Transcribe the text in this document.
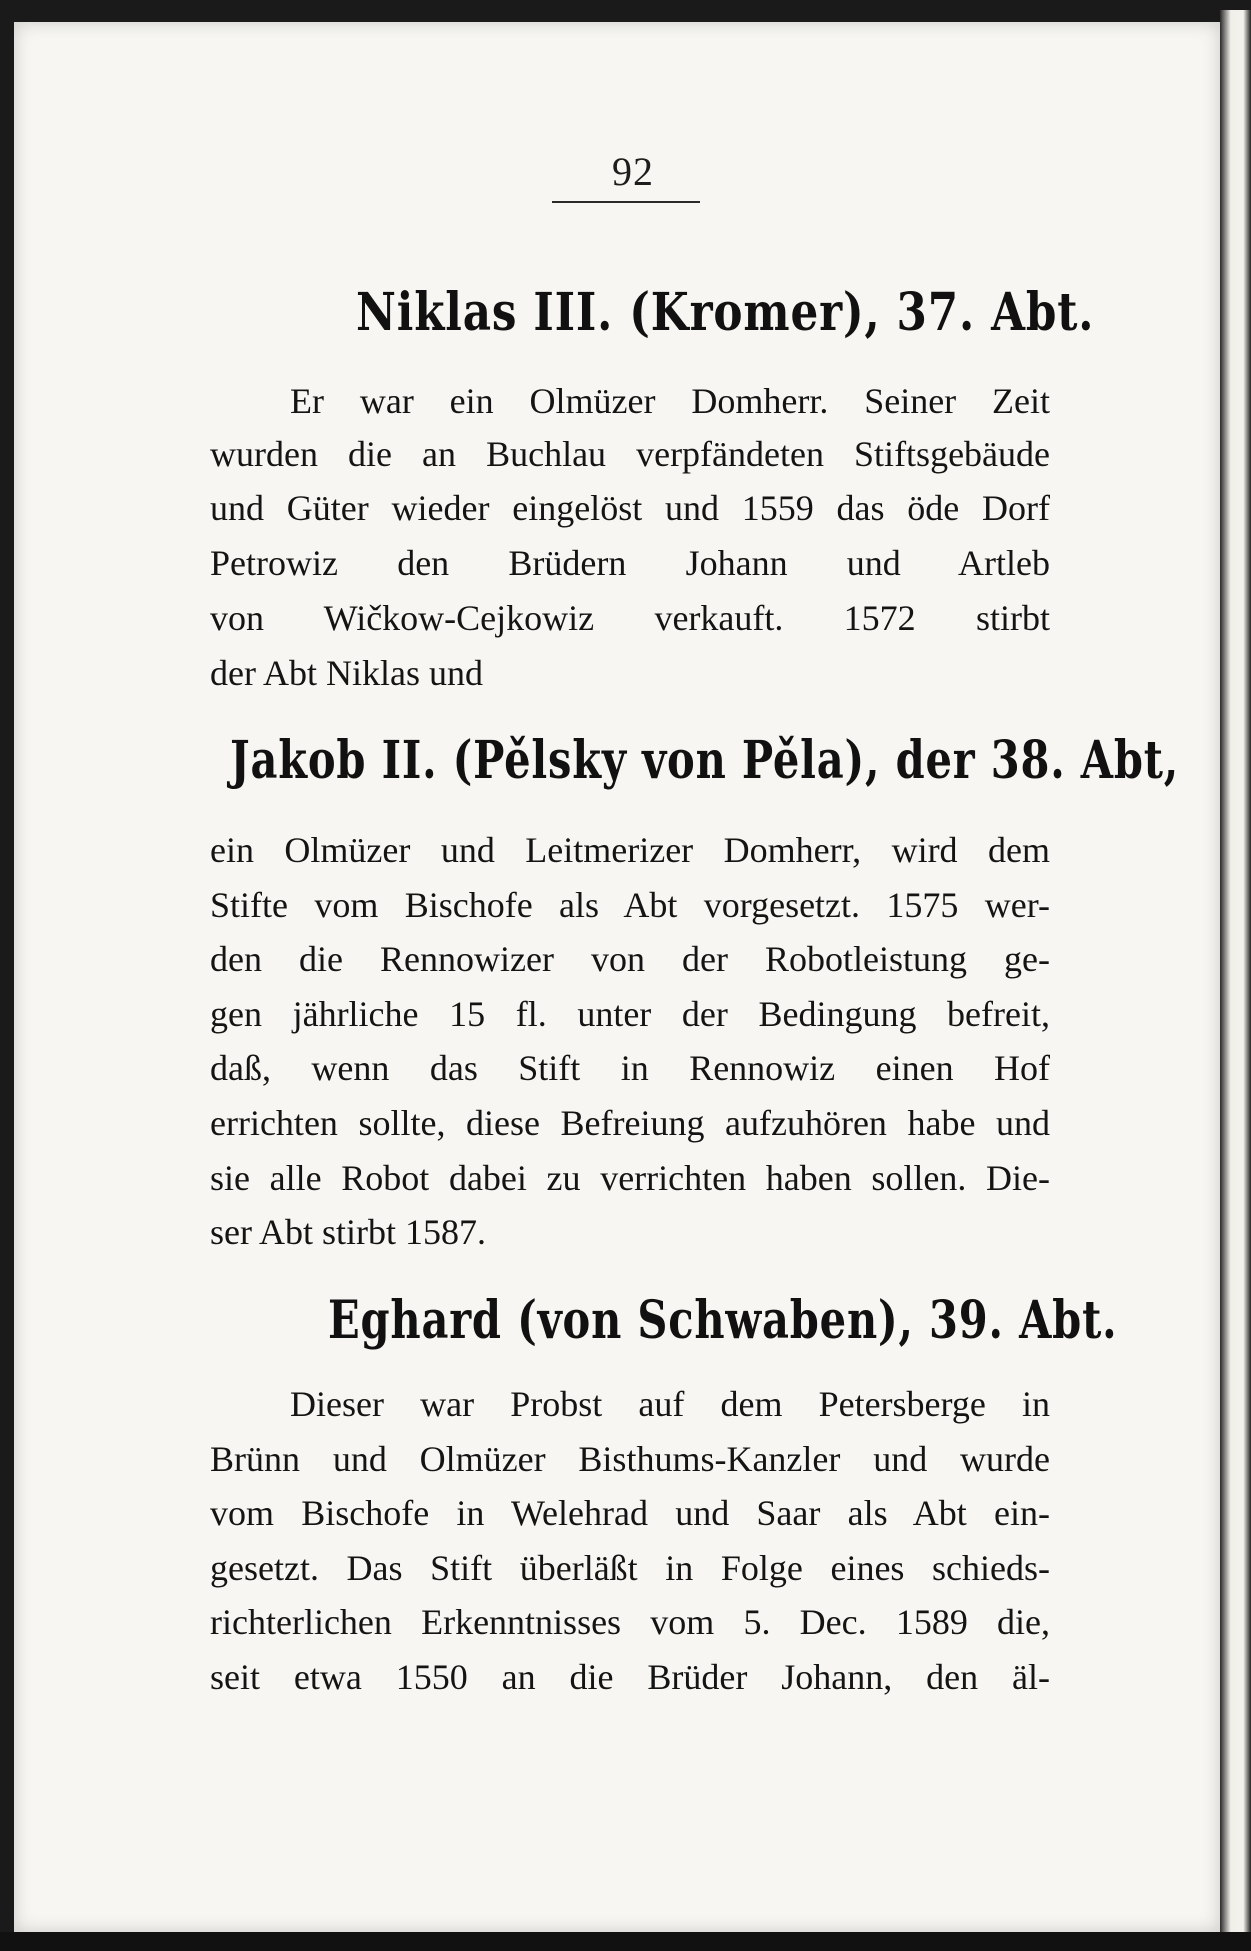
92
Niklas III. (Kromer), 37. Abt.
Er war ein Olmüzer Domherr. Seiner Zeit
wurden die an Buchlau verpfändeten Stiftsgebäude
und Güter wieder eingelöst und 1559 das öde Dorf
Petrowiz den Brüdern Johann und Artleb
von Wičkow-Cejkowiz verkauft. 1572 stirbt
der Abt Niklas und
Jakob II. (Pělsky von Pěla), der 38. Abt,
ein Olmüzer und Leitmerizer Domherr, wird dem
Stifte vom Bischofe als Abt vorgesetzt. 1575 wer-
den die Rennowizer von der Robotleistung ge-
gen jährliche 15 fl. unter der Bedingung befreit,
daß, wenn das Stift in Rennowiz einen Hof
errichten sollte, diese Befreiung aufzuhören habe und
sie alle Robot dabei zu verrichten haben sollen. Die-
ser Abt stirbt 1587.
Eghard (von Schwaben), 39. Abt.
Dieser war Probst auf dem Petersberge in
Brünn und Olmüzer Bisthums-Kanzler und wurde
vom Bischofe in Welehrad und Saar als Abt ein-
gesetzt. Das Stift überläßt in Folge eines schieds-
richterlichen Erkenntnisses vom 5. Dec. 1589 die,
seit etwa 1550 an die Brüder Johann, den äl-
